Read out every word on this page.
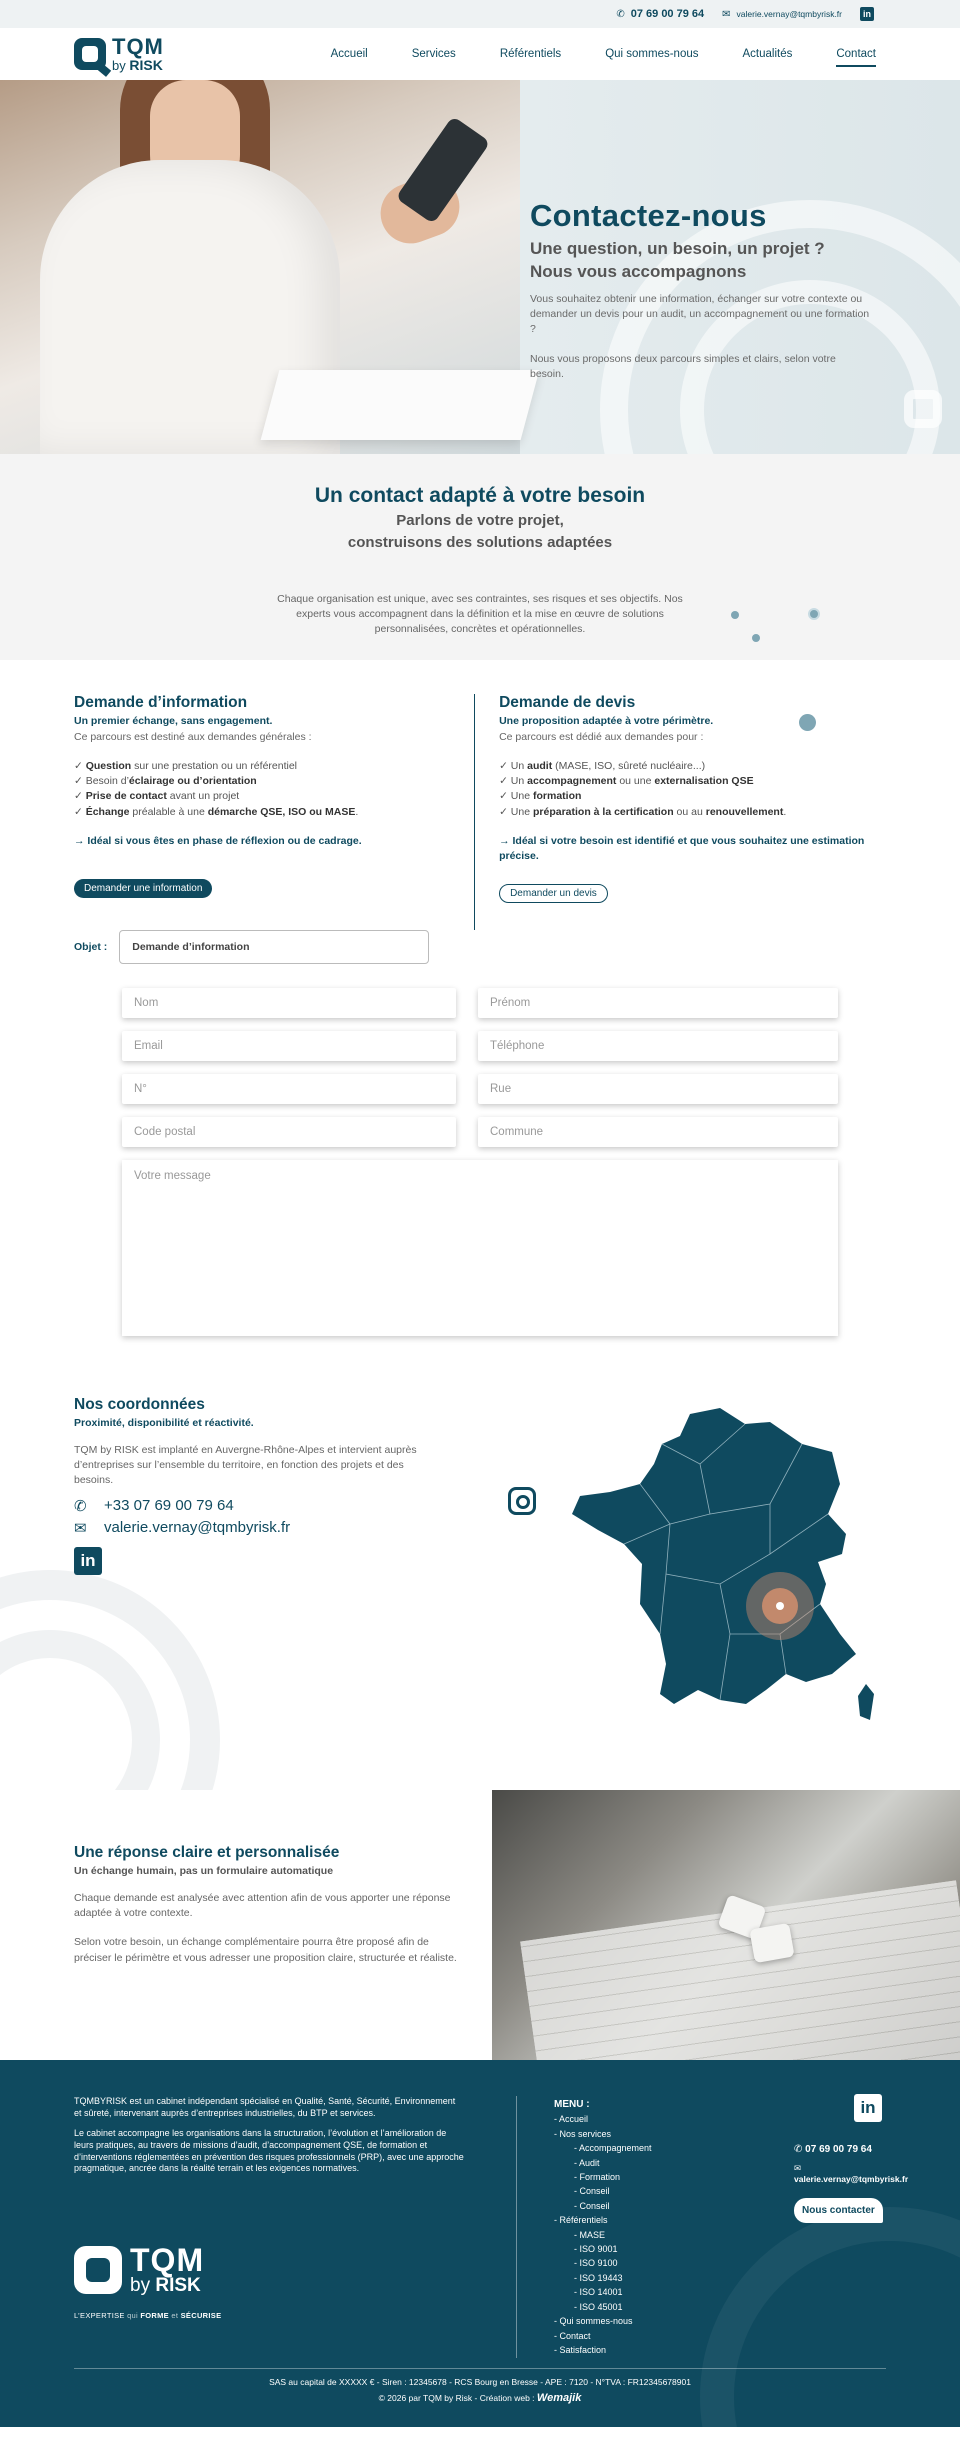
✆ 07 69 00 79 64 ✉ valerie.vernay@tqmbyrisk.fr	in
TQM
by RISK
Accueil	Services	Référentiels	Qui sommes-nous	Actualités	Contact
Contactez-nous
Une question, un besoin, un projet ?
Nous vous accompagnons

Vous souhaitez obtenir une information, échanger sur votre contexte ou demander un devis pour un audit, un accompagnement ou une formation ?

Nous vous proposons deux parcours simples et clairs, selon votre besoin.

Un contact adapté à votre besoin
Parlons de votre projet,
construisons des solutions adaptées

Chaque organisation est unique, avec ses contraintes, ses risques et ses objectifs. Nos experts vous accompagnent dans la définition et la mise en œuvre de solutions personnalisées, concrètes et opérationnelles.

Demande d’information
Un premier échange, sans engagement.
Ce parcours est destiné aux demandes générales :
✓ Question sur une prestation ou un référentiel
✓ Besoin d’éclairage ou d’orientation
✓ Prise de contact avant un projet
✓ Échange préalable à une démarche QSE, ISO ou MASE.
→ Idéal si vous êtes en phase de réflexion ou de cadrage.
Demander une information
Demande de devis
Une proposition adaptée à votre périmètre.
Ce parcours est dédié aux demandes pour :
✓ Un audit (MASE, ISO, sûreté nucléaire...)
✓ Un accompagnement ou une externalisation QSE
✓ Une formation
✓ Une préparation à la certification ou au renouvellement.
→ Idéal si votre besoin est identifié et que vous souhaitez une estimation précise.
Demander un devis
Objet :	Demande d’information
Nom	Prénom
Email	Téléphone
N°	Rue
Code postal	Commune
Votre message
Nos coordonnées
Proximité, disponibilité et réactivité.

TQM by RISK est implanté en Auvergne-Rhône-Alpes et intervient auprès d’entreprises sur l’ensemble du territoire, en fonction des projets et des besoins.

✆ +33 07 69 00 79 64
✉ valerie.vernay@tqmbyrisk.fr
in
Une réponse claire et personnalisée
Un échange humain, pas un formulaire automatique

Chaque demande est analysée avec attention afin de vous apporter une réponse adaptée à votre contexte.

Selon votre besoin, un échange complémentaire pourra être proposé afin de préciser le périmètre et vous adresser une proposition claire, structurée et réaliste.

TQMBYRISK est un cabinet indépendant spécialisé en Qualité, Santé, Sécurité, Environnement et sûreté, intervenant auprès d’entreprises industrielles, du BTP et services.

Le cabinet accompagne les organisations dans la structuration, l’évolution et l’amélioration de leurs pratiques, au travers de missions d’audit, d’accompagnement QSE, de formation et d’interventions réglementées en prévention des risques professionnels (PRP), avec une approche pragmatique, ancrée dans la réalité terrain et les exigences normatives.

TQM
by RISK
L’EXPERTISE qui FORME et SÉCURISE
MENU :
- Accueil
- Nos services
- Accompagnement
- Audit
- Formation
- Conseil
- Conseil
- Référentiels
- MASE
- ISO 9001
- ISO 9100
- ISO 19443
- ISO 14001
- ISO 45001
- Qui sommes-nous
- Contact
- Satisfaction
in
✆ 07 69 00 79 64
✉ valerie.vernay@tqmbyrisk.fr
Nous contacter
SAS au capital de XXXXX € - Siren : 12345678 - RCS Bourg en Bresse - APE : 7120 - N°TVA : FR12345678901
© 2026 par TQM by Risk - Création web : Wemajik
